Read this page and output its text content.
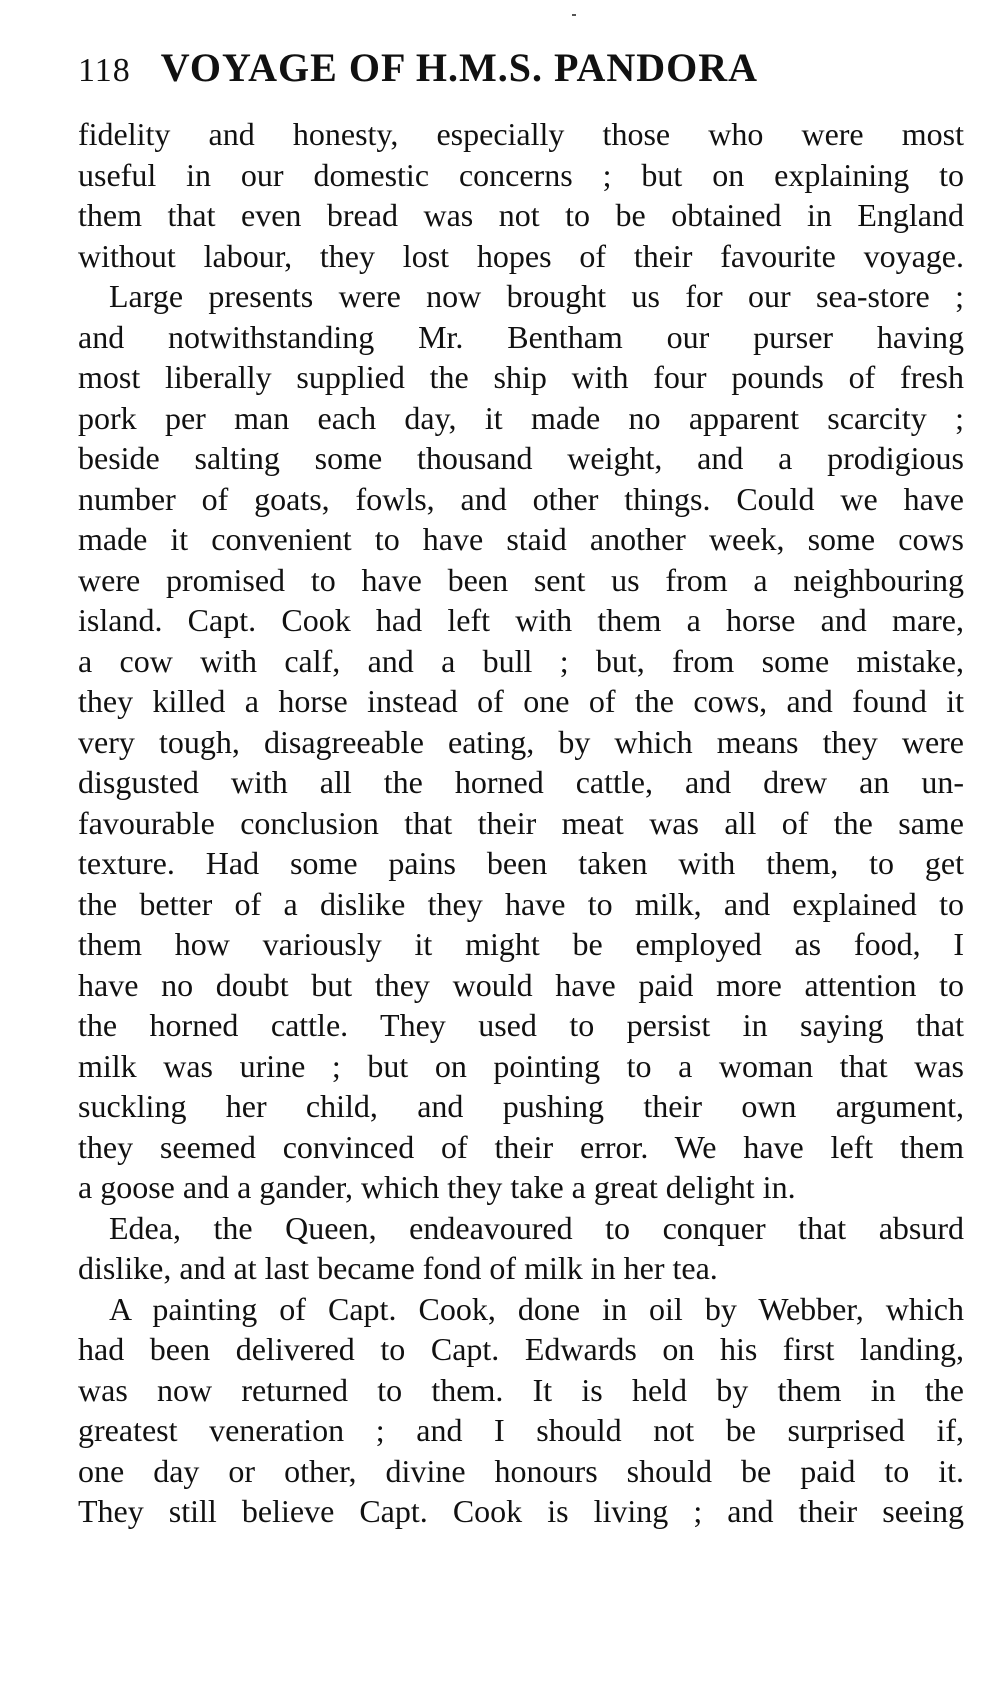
118 VOYAGE OF H.M.S. PANDORA
fidelity and honesty, especially those who were most
useful in our domestic concerns ; but on explaining to
them that even bread was not to be obtained in England
without labour, they lost hopes of their favourite voyage.
Large presents were now brought us for our sea-store ;
and notwithstanding Mr. Bentham our purser having
most liberally supplied the ship with four pounds of fresh
pork per man each day, it made no apparent scarcity ;
beside salting some thousand weight, and a prodigious
number of goats, fowls, and other things. Could we have
made it convenient to have staid another week, some cows
were promised to have been sent us from a neighbouring
island. Capt. Cook had left with them a horse and mare,
a cow with calf, and a bull ; but, from some mistake,
they killed a horse instead of one of the cows, and found it
very tough, disagreeable eating, by which means they were
disgusted with all the horned cattle, and drew an un-
favourable conclusion that their meat was all of the same
texture. Had some pains been taken with them, to get
the better of a dislike they have to milk, and explained to
them how variously it might be employed as food, I
have no doubt but they would have paid more attention to
the horned cattle. They used to persist in saying that
milk was urine ; but on pointing to a woman that was
suckling her child, and pushing their own argument,
they seemed convinced of their error. We have left them
a goose and a gander, which they take a great delight in.
Edea, the Queen, endeavoured to conquer that absurd
dislike, and at last became fond of milk in her tea.
A painting of Capt. Cook, done in oil by Webber, which
had been delivered to Capt. Edwards on his first landing,
was now returned to them. It is held by them in the
greatest veneration ; and I should not be surprised if,
one day or other, divine honours should be paid to it.
They still believe Capt. Cook is living ; and their seeing
